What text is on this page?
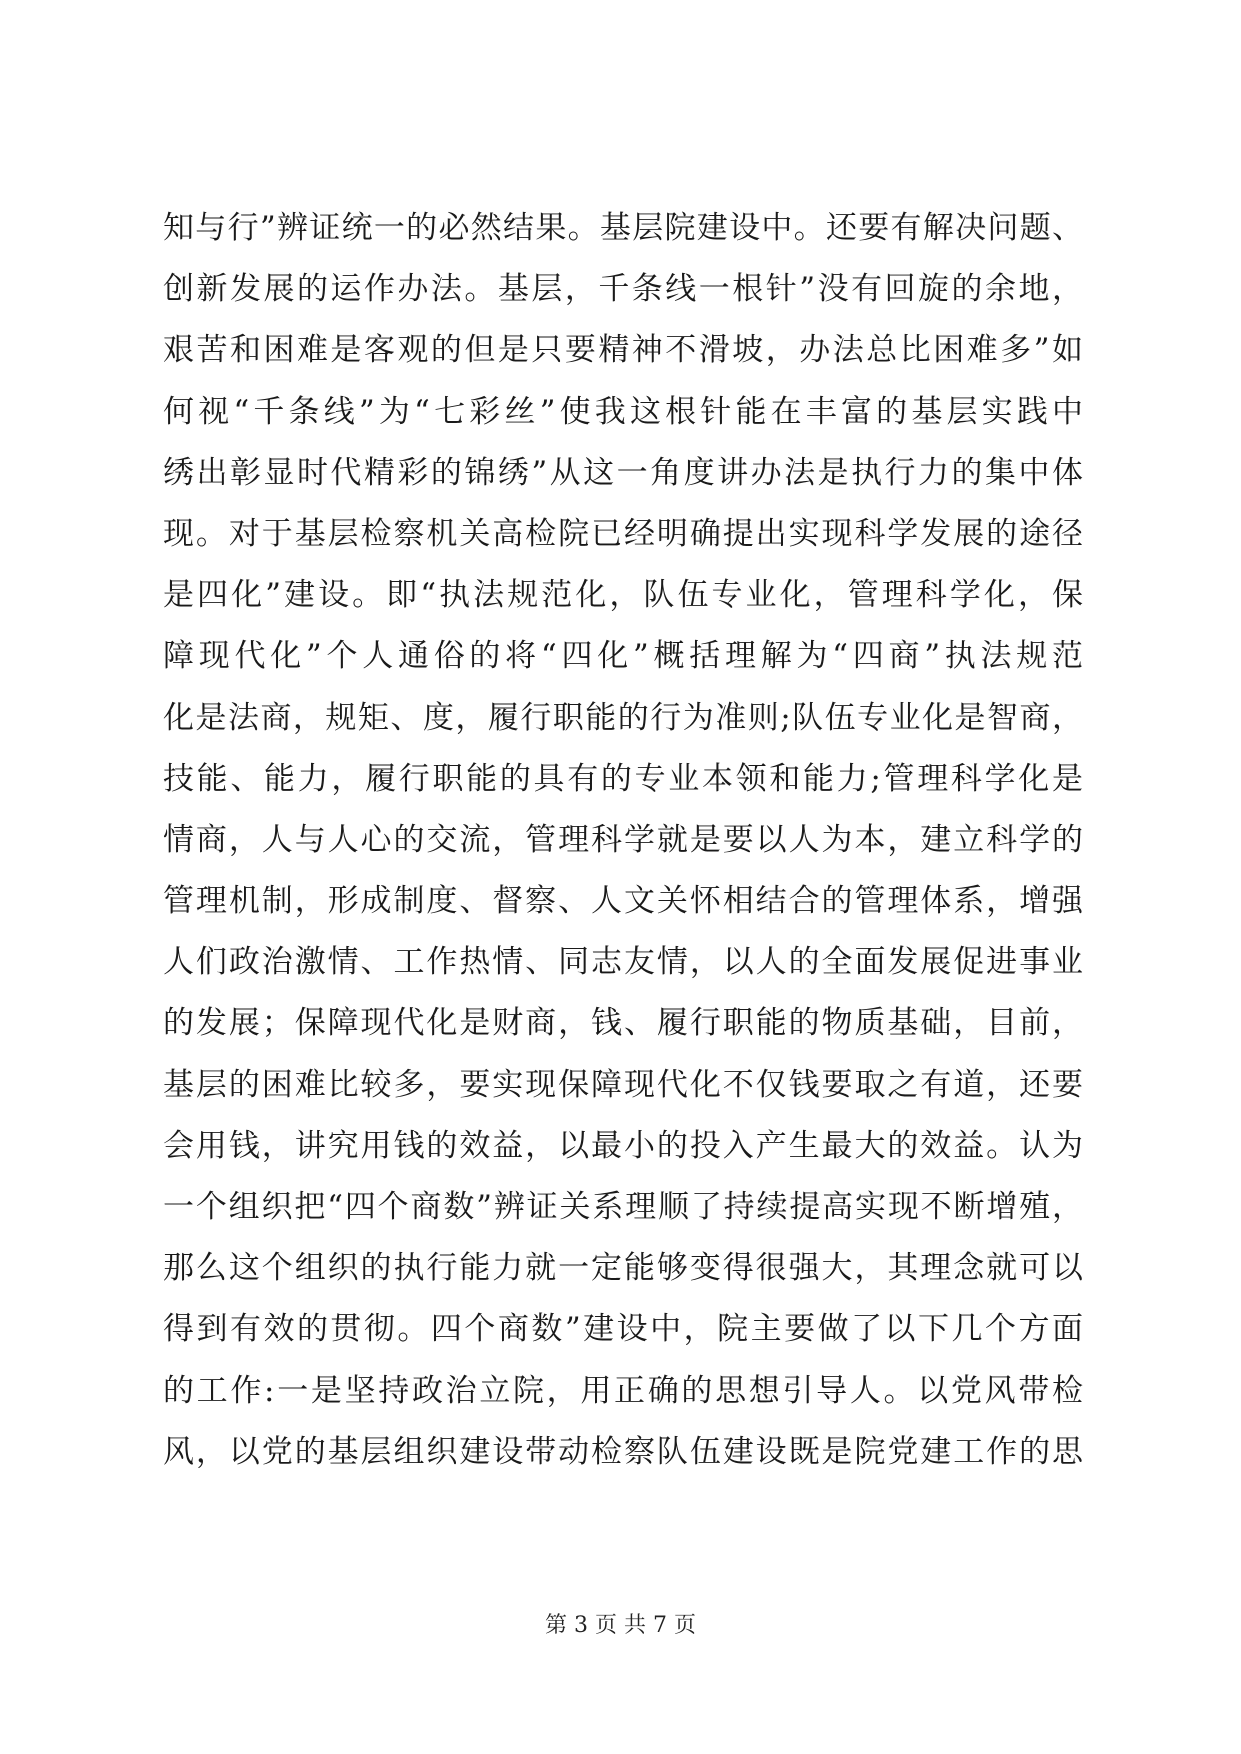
知与行”辨证统一的必然结果。基层院建设中。还要有解决问题、
创新发展的运作办法。基层，千条线一根针”没有回旋的余地，
艰苦和困难是客观的但是只要精神不滑坡，办法总比困难多”如
何视“千条线”为“七彩丝”使我这根针能在丰富的基层实践中
绣出彰显时代精彩的锦绣”从这一角度讲办法是执行力的集中体
现。对于基层检察机关高检院已经明确提出实现科学发展的途径
是四化”建设。即“执法规范化，队伍专业化，管理科学化，保
障现代化”个人通俗的将“四化”概括理解为“四商”执法规范
化是法商，规矩、度，履行职能的行为准则;队伍专业化是智商，
技能、能力，履行职能的具有的专业本领和能力;管理科学化是
情商，人与人心的交流，管理科学就是要以人为本，建立科学的
管理机制，形成制度、督察、人文关怀相结合的管理体系，增强
人们政治激情、工作热情、同志友情，以人的全面发展促进事业
的发展；保障现代化是财商，钱、履行职能的物质基础，目前，
基层的困难比较多，要实现保障现代化不仅钱要取之有道，还要
会用钱，讲究用钱的效益，以最小的投入产生最大的效益。认为
一个组织把“四个商数”辨证关系理顺了持续提高实现不断增殖，
那么这个组织的执行能力就一定能够变得很强大，其理念就可以
得到有效的贯彻。四个商数”建设中，院主要做了以下几个方面
的工作:一是坚持政治立院，用正确的思想引导人。以党风带检
风，以党的基层组织建设带动检察队伍建设既是院党建工作的思
第 3 页 共 7 页
